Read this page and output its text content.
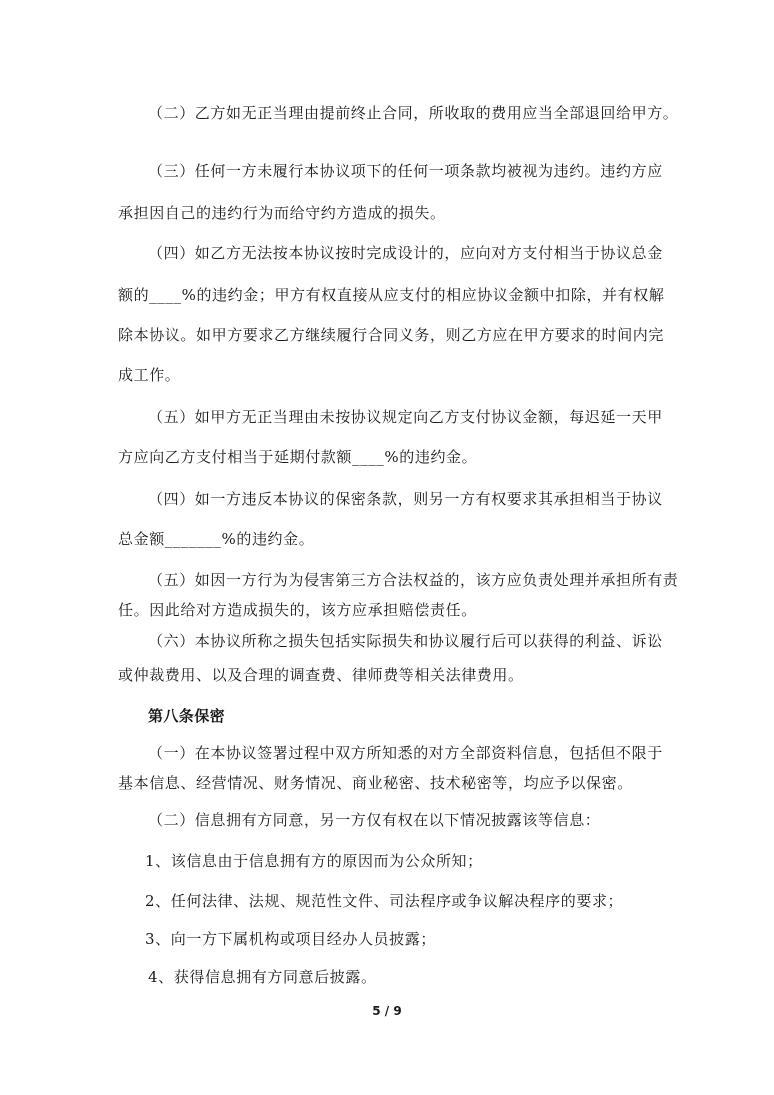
（二）乙方如无正当理由提前终止合同，所收取的费用应当全部退回给甲方。
（三）任何一方未履行本协议项下的任何一项条款均被视为违约。违约方应
承担因自己的违约行为而给守约方造成的损失。
（四）如乙方无法按本协议按时完成设计的，应向对方支付相当于协议总金
额的____%的违约金；甲方有权直接从应支付的相应协议金额中扣除，并有权解
除本协议。如甲方要求乙方继续履行合同义务，则乙方应在甲方要求的时间内完
成工作。
（五）如甲方无正当理由未按协议规定向乙方支付协议金额，每迟延一天甲
方应向乙方支付相当于延期付款额____%的违约金。
（四）如一方违反本协议的保密条款，则另一方有权要求其承担相当于协议
总金额_______%的违约金。
（五）如因一方行为为侵害第三方合法权益的，该方应负责处理并承担所有责
任。因此给对方造成损失的，该方应承担赔偿责任。
（六）本协议所称之损失包括实际损失和协议履行后可以获得的利益、诉讼
或仲裁费用、以及合理的调查费、律师费等相关法律费用。
第八条保密
（一）在本协议签署过程中双方所知悉的对方全部资料信息，包括但不限于
基本信息、经营情况、财务情况、商业秘密、技术秘密等，均应予以保密。
（二）信息拥有方同意，另一方仅有权在以下情况披露该等信息：
1、该信息由于信息拥有方的原因而为公众所知；
2、任何法律、法规、规范性文件、司法程序或争议解决程序的要求；
3、向一方下属机构或项目经办人员披露；
4、获得信息拥有方同意后披露。
5 / 9
